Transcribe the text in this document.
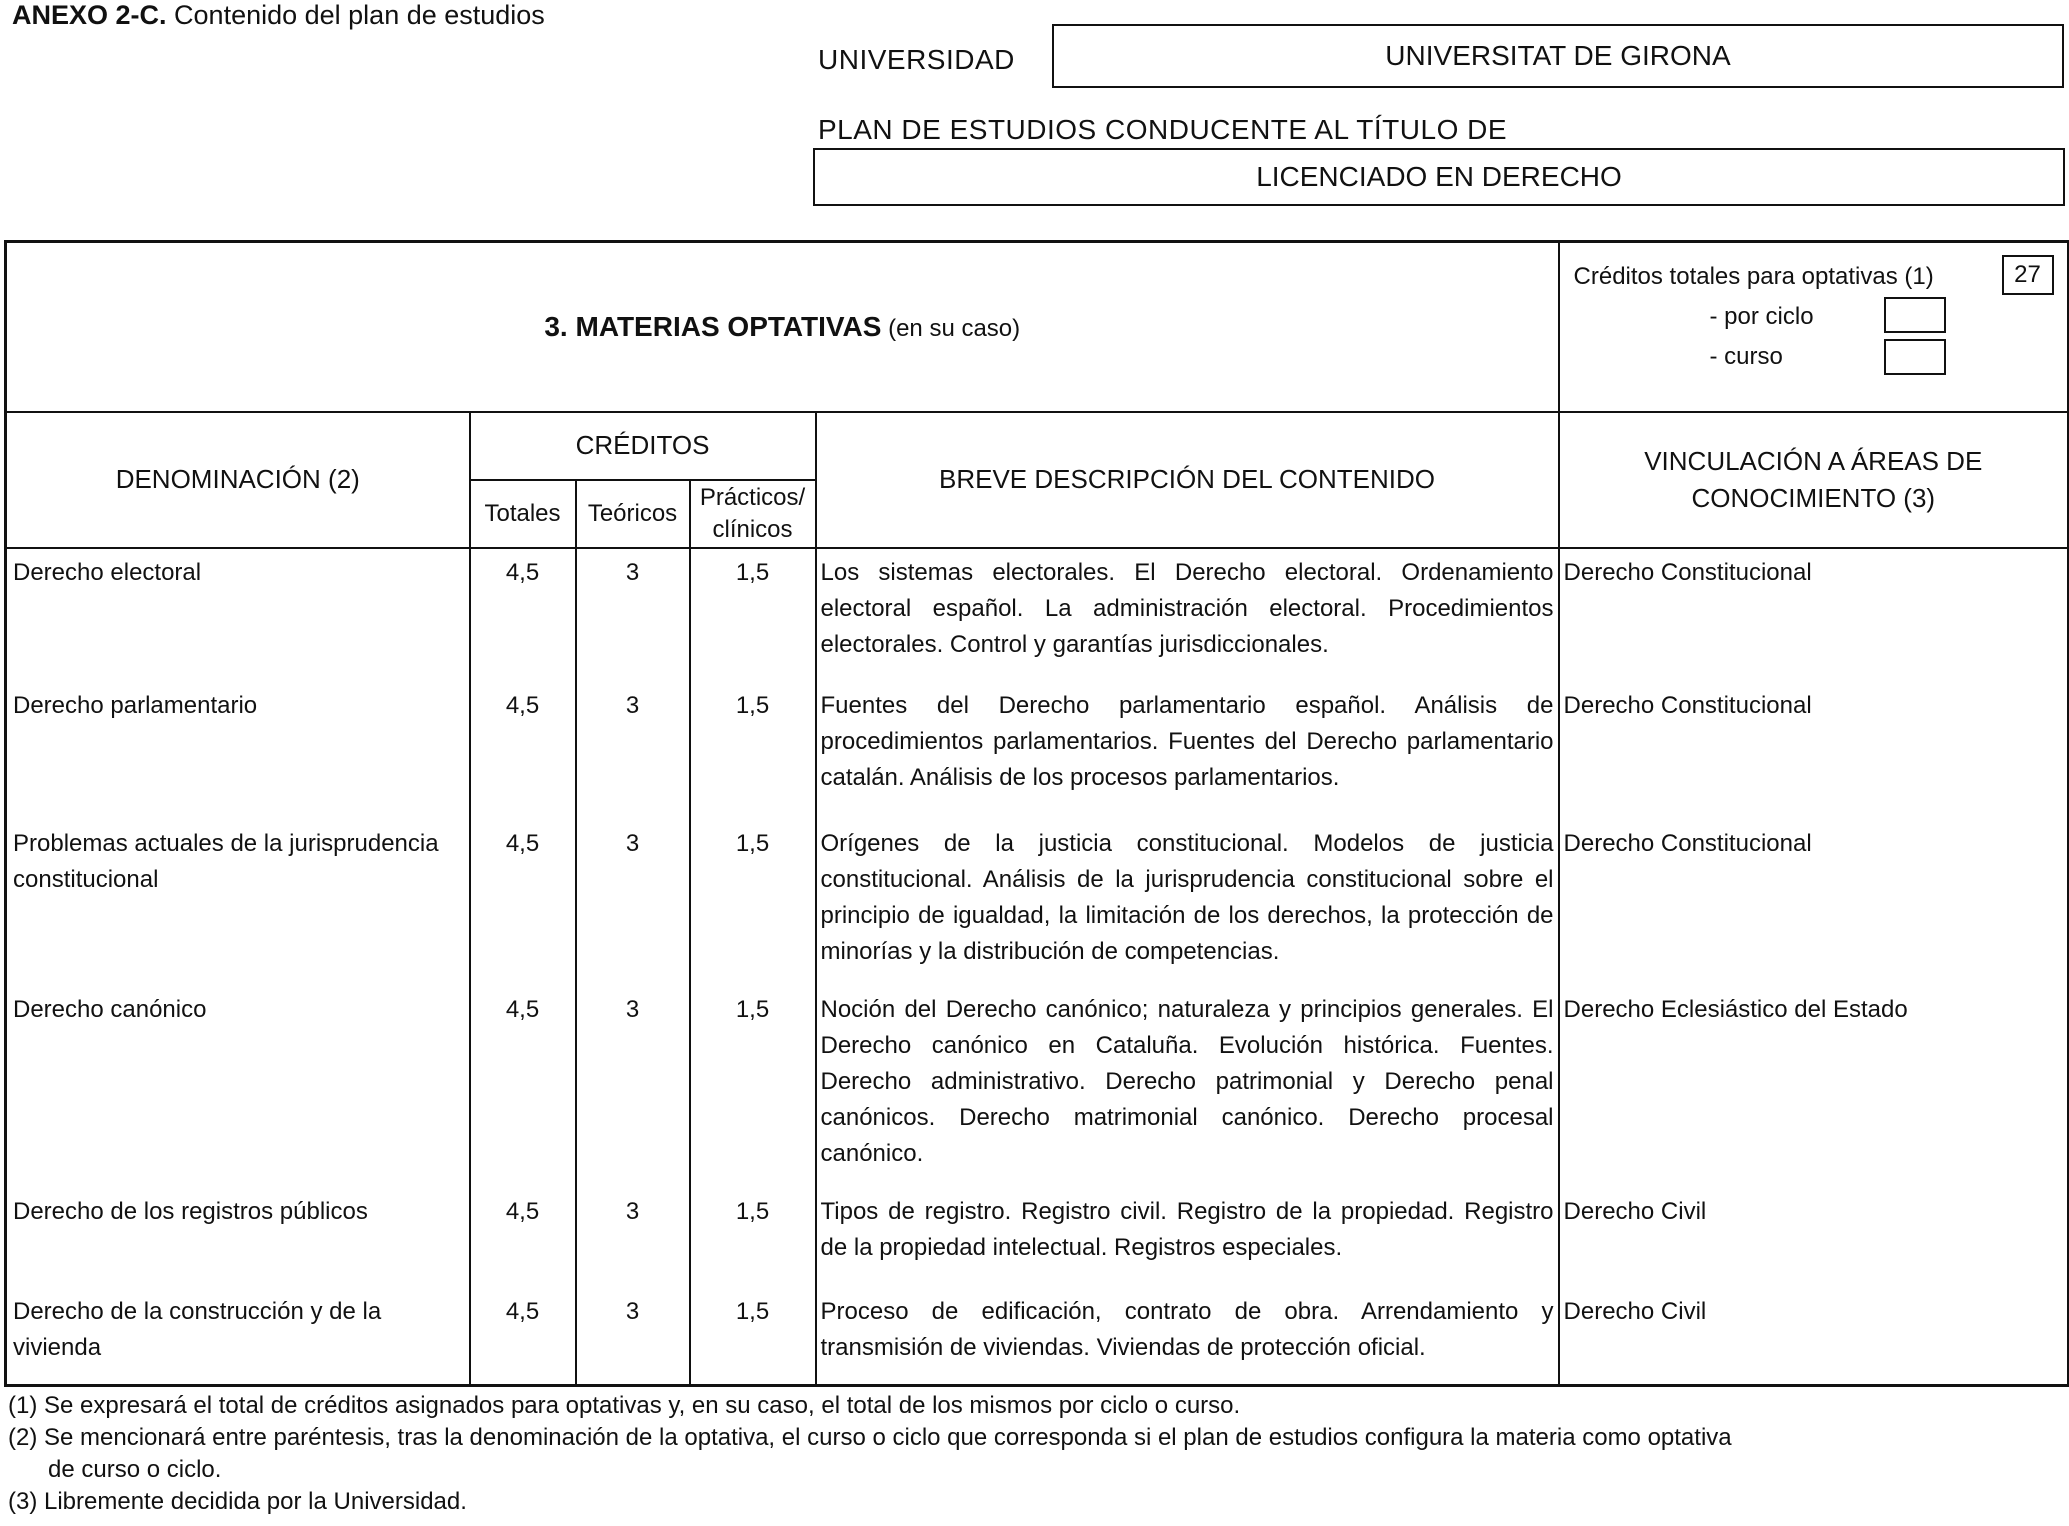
ANEXO 2-C. Contenido del plan de estudios
UNIVERSIDAD	UNIVERSITAT DE GIRONA
PLAN DE ESTUDIOS CONDUCENTE AL TÍTULO DE
LICENCIADO EN DERECHO
3. MATERIAS OPTATIVAS (en su caso)					Créditos totales para optativas (1) 27
- por ciclo
- curso

DENOMINACIÓN (2)	CRÉDITOS			BREVE DESCRIPCIÓN DEL CONTENIDO	VINCULACIÓN A ÁREAS DE CONOCIMIENTO (3)
	Totales	Teóricos	Prácticos/ clínicos		
Derecho electoral	4,5	3	1,5	Los sistemas electorales. El Derecho electoral. Ordenamiento electoral español. La administración electoral. Procedimientos electorales. Control y garantías jurisdiccionales.	Derecho Constitucional
Derecho parlamentario	4,5	3	1,5	Fuentes del Derecho parlamentario español. Análisis de procedimientos parlamentarios. Fuentes del Derecho parlamentario catalán. Análisis de los procesos parlamentarios.	Derecho Constitucional
Problemas actuales de la jurisprudencia constitucional	4,5	3	1,5	Orígenes de la justicia constitucional. Modelos de justicia constitucional. Análisis de la jurisprudencia constitucional sobre el principio de igualdad, la limitación de los derechos, la protección de minorías y la distribución de competencias.	Derecho Constitucional
Derecho canónico	4,5	3	1,5	Noción del Derecho canónico; naturaleza y principios generales. El Derecho canónico en Cataluña. Evolución histórica. Fuentes. Derecho administrativo. Derecho patrimonial y Derecho penal canónicos. Derecho matrimonial canónico. Derecho procesal canónico.	Derecho Eclesiástico del Estado
Derecho de los registros públicos	4,5	3	1,5	Tipos de registro. Registro civil. Registro de la propiedad. Registro de la propiedad intelectual. Registros especiales.	Derecho Civil
Derecho de la construcción y de la vivienda	4,5	3	1,5	Proceso de edificación, contrato de obra. Arrendamiento y transmisión de viviendas. Viviendas de protección oficial.	Derecho Civil
(1) Se expresará el total de créditos asignados para optativas y, en su caso, el total de los mismos por ciclo o curso.
(2) Se mencionará entre paréntesis, tras la denominación de la optativa, el curso o ciclo que corresponda si el plan de estudios configura la materia como optativa
de curso o ciclo.
(3) Libremente decidida por la Universidad.
